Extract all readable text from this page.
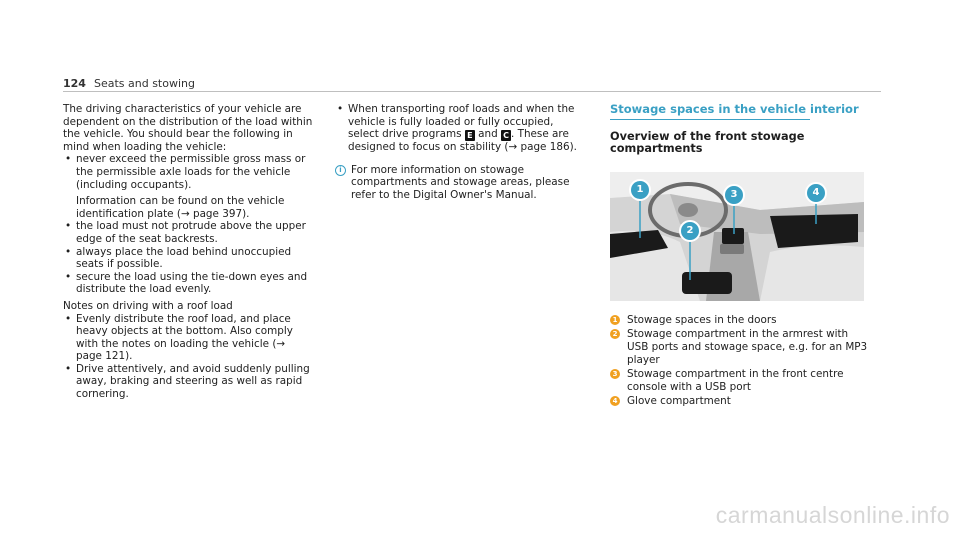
124 Seats and stowing

The driving characteristics of your vehicle are dependent on the distribution of the load within the vehicle. You should bear the following in mind when loading the vehicle:

• never exceed the permissible gross mass or the permissible axle loads for the vehicle (including occupants).

Information can be found on the vehicle identification plate (→ page 397).

• the load must not protrude above the upper edge of the seat backrests.
• always place the load behind unoccupied seats if possible.
• secure the load using the tie-down eyes and distribute the load evenly.

Notes on driving with a roof load

• Evenly distribute the roof load, and place heavy objects at the bottom. Also comply with the notes on loading the vehicle (→ page 121).
• Drive attentively, and avoid suddenly pulling away, braking and steering as well as rapid cornering.
• When transporting roof loads and when the vehicle is fully loaded or fully occupied, select drive programs E and C . These are designed to focus on stability (→ page 186).
i For more information on stowage compartments and stowage areas, please refer to the Digital Owner's Manual.

Stowage spaces in the vehicle interior

Overview of the front stowage compartments

1
2
3	4
1 Stowage spaces in the doors
2 Stowage compartment in the armrest with USB ports and stowage space, e.g. for an MP3 player
3 Stowage compartment in the front centre console with a USB port
4 Glove compartment
carmanualsonline.info
